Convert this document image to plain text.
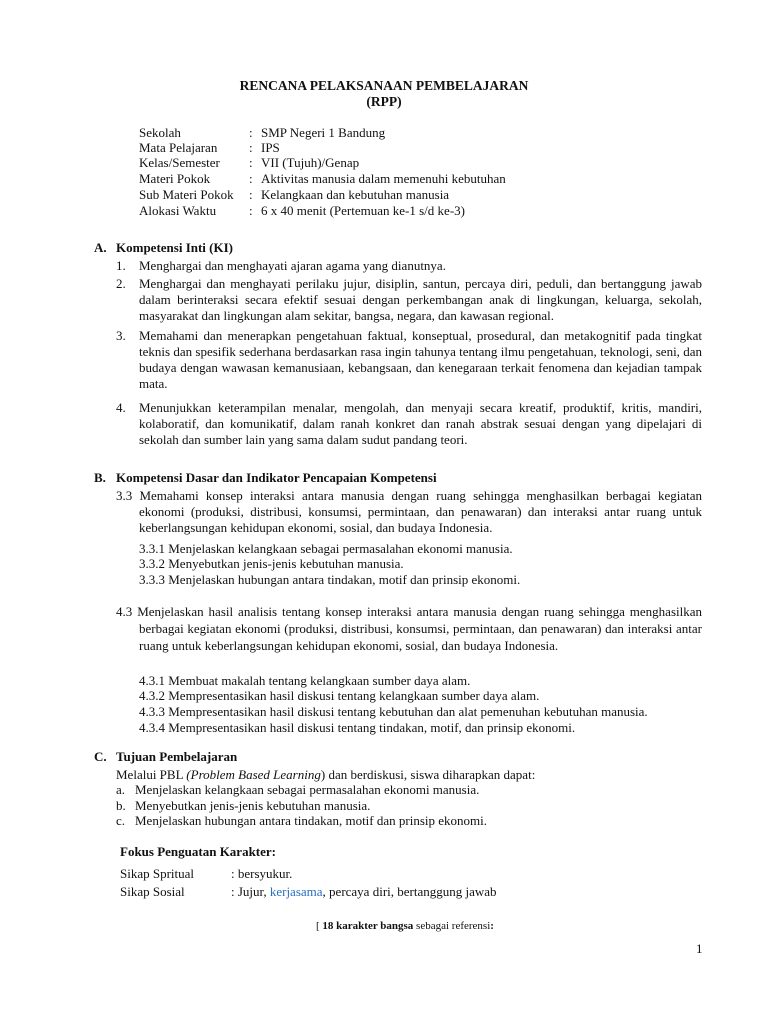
RENCANA PELAKSANAAN PEMBELAJARAN
(RPP)
Sekolah	: SMP Negeri 1 Bandung
Mata Pelajaran : IPS
Kelas/Semester : VII (Tujuh)/Genap
Materi Pokok	: Aktivitas manusia dalam memenuhi kebutuhan
Sub Materi Pokok : Kelangkaan dan kebutuhan manusia
Alokasi Waktu	: 6 x 40 menit (Pertemuan ke-1 s/d ke-3)
A. Kompetensi Inti (KI)
1. Menghargai dan menghayati ajaran agama yang dianutnya.
2. Menghargai dan menghayati perilaku jujur, disiplin, santun, percaya diri, peduli, dan bertanggung jawab dalam berinteraksi secara efektif sesuai dengan perkembangan anak di lingkungan, keluarga, sekolah, masyarakat dan lingkungan alam sekitar, bangsa, negara, dan kawasan regional.
3. Memahami dan menerapkan pengetahuan faktual, konseptual, prosedural, dan metakognitif pada tingkat teknis dan spesifik sederhana berdasarkan rasa ingin tahunya tentang ilmu pengetahuan, teknologi, seni, dan budaya dengan wawasan kemanusiaan, kebangsaan, dan kenegaraan terkait fenomena dan kejadian tampak mata.
4. Menunjukkan keterampilan menalar, mengolah, dan menyaji secara kreatif, produktif, kritis, mandiri, kolaboratif, dan komunikatif, dalam ranah konkret dan ranah abstrak sesuai dengan yang dipelajari di sekolah dan sumber lain yang sama dalam sudut pandang teori.
B. Kompetensi Dasar dan Indikator Pencapaian Kompetensi
3.3 Memahami konsep interaksi antara manusia dengan ruang sehingga menghasilkan berbagai kegiatan ekonomi (produksi, distribusi, konsumsi, permintaan, dan penawaran) dan interaksi antar ruang untuk keberlangsungan kehidupan ekonomi, sosial, dan budaya Indonesia.
3.3.1 Menjelaskan kelangkaan sebagai permasalahan ekonomi manusia.
3.3.2 Menyebutkan jenis-jenis kebutuhan manusia.
3.3.3 Menjelaskan hubungan antara tindakan, motif dan prinsip ekonomi.
4.3 Menjelaskan hasil analisis tentang konsep interaksi antara manusia dengan ruang sehingga menghasilkan berbagai kegiatan ekonomi (produksi, distribusi, konsumsi, permintaan, dan penawaran) dan interaksi antar ruang untuk keberlangsungan kehidupan ekonomi, sosial, dan budaya Indonesia.
4.3.1 Membuat makalah tentang kelangkaan sumber daya alam.
4.3.2 Mempresentasikan hasil diskusi tentang kelangkaan sumber daya alam.
4.3.3 Mempresentasikan hasil diskusi tentang kebutuhan dan alat pemenuhan kebutuhan manusia.
4.3.4 Mempresentasikan hasil diskusi tentang tindakan, motif, dan prinsip ekonomi.
C. Tujuan Pembelajaran
Melalui PBL (Problem Based Learning) dan berdiskusi, siswa diharapkan dapat:
a. Menjelaskan kelangkaan sebagai permasalahan ekonomi manusia.
b. Menyebutkan jenis-jenis kebutuhan manusia.
c. Menjelaskan hubungan antara tindakan, motif dan prinsip ekonomi.
Fokus Penguatan Karakter:
Sikap Spritual	: bersyukur.
Sikap Sosial	: Jujur, kerjasama, percaya diri, bertanggung jawab
[ 18 karakter bangsa sebagai referensi:
1
